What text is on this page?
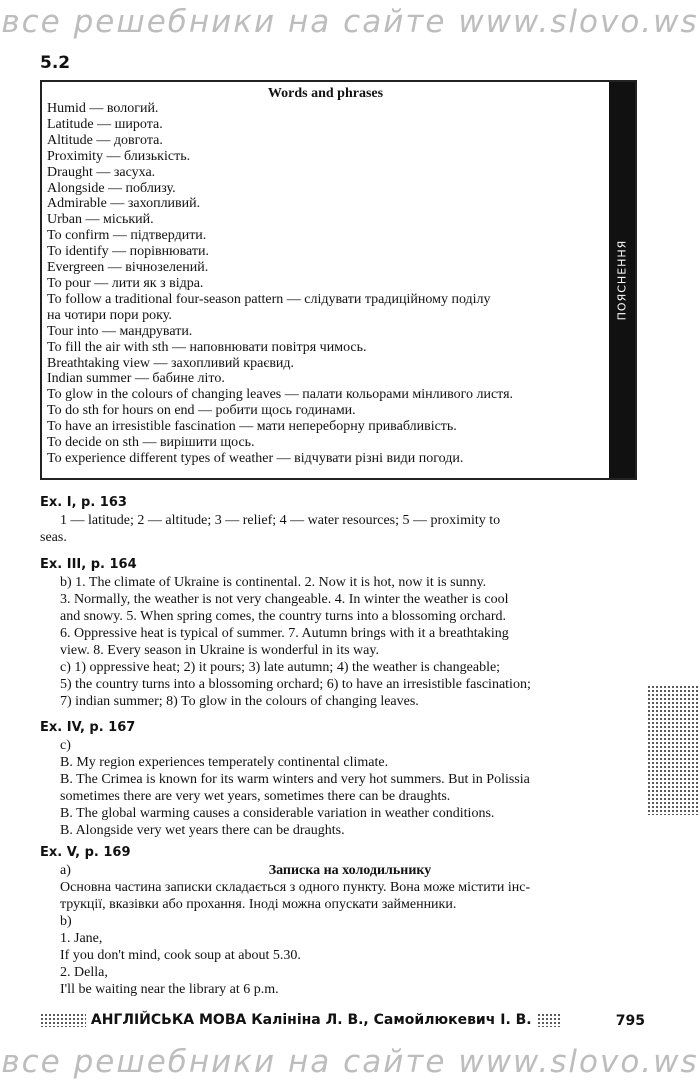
все решебники на сайте www.slovo.ws
5.2
Words and phrases
Humid — вологий.
Latitude — широта.
Altitude — довгота.
Proximity — близькість.
Draught — засуха.
Alongside — поблизу.
Admirable — захопливий.
Urban — міський.
To confirm — підтвердити.
To identify — порівнювати.
Evergreen — вічнозелений.
To pour — лити як з відра.
To follow a traditional four-season pattern — слідувати традиційному поділу
на чотири пори року.
Tour into — мандрувати.
To fill the air with sth — наповнювати повітря чимось.
Breathtaking view — захопливий краєвид.
Indian summer — бабине літо.
To glow in the colours of changing leaves — палати кольорами мінливого листя.
To do sth for hours on end — робити щось годинами.
To have an irresistible fascination — мати непереборну привабливість.
To decide on sth — вирішити щось.
To experience different types of weather — відчувати різні види погоди.
ПОЯСНЕННЯ
Ex. I, p. 163
1 — latitude; 2 — altitude; 3 — relief; 4 — water resources; 5 — proximity to
seas.
Ex. III, p. 164
b) 1. The climate of Ukraine is continental. 2. Now it is hot, now it is sunny.
3. Normally, the weather is not very changeable. 4. In winter the weather is cool
and snowy. 5. When spring comes, the country turns into a blossoming orchard.
6. Oppressive heat is typical of summer. 7. Autumn brings with it a breathtaking
view. 8. Every season in Ukraine is wonderful in its way.
c) 1) oppressive heat; 2) it pours; 3) late autumn; 4) the weather is changeable;
5) the country turns into a blossoming orchard; 6) to have an irresistible fascination;
7) indian summer; 8) To glow in the colours of changing leaves.
Ex. IV, p. 167
c)
B. My region experiences temperately continental climate.
B. The Crimea is known for its warm winters and very hot summers. But in Polissia
sometimes there are very wet years, sometimes there can be draughts.
B. The global warming causes a considerable variation in weather conditions.
B. Alongside very wet years there can be draughts.
Ex. V, p. 169
a)	Записка на холодильнику
Основна частина записки складається з одного пункту. Вона може містити інс-
трукції, вказівки або прохання. Іноді можна опускати займенники.
b)
1. Jane,
If you don't mind, cook soup at about 5.30.
2. Della,
I'll be waiting near the library at 6 p.m.
АНГЛІЙСЬКА МОВА Калініна Л. В., Самойлюкевич І. В.	795
все решебники на сайте www.slovo.ws
